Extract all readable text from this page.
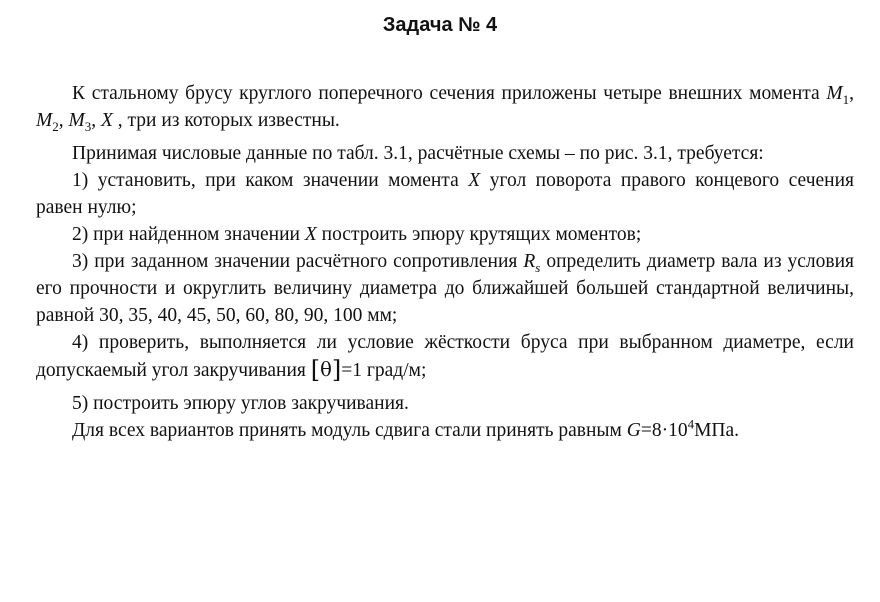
Задача № 4

К стальному брусу круглого поперечного сечения приложены четыре внешних момента $M_1$, $M_2$, $M_3$, X , три из которых известны.

Принимая числовые данные по табл. 3.1, расчётные схемы – по рис. 3.1, требуется:

1) установить, при каком значении момента X угол поворота правого концевого сечения равен нулю;

2) при найденном значении X построить эпюру крутящих моментов;

3) при заданном значении расчётного сопротивления $R_s$ определить диаметр вала из условия его прочности и округлить величину диаметра до ближайшей большей стандартной величины, равной 30, 35, 40, 45, 50, 60, 80, 90, 100 мм;

4) проверить, выполняется ли условие жёсткости бруса при выбранном диаметре, если допускаемый угол закручивания [θ]=1 град/м;

5) построить эпюру углов закручивания.

Для всех вариантов принять модуль сдвига стали принять равным $G=8\cdot 10^4МПа$.
